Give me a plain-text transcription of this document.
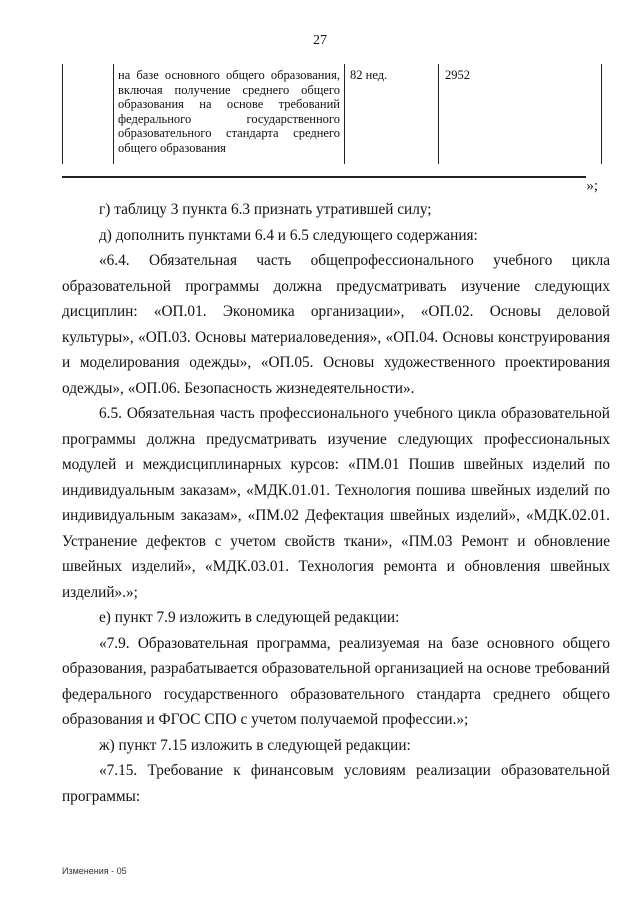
27
	на базе основного общего образования, включая получение среднего общего образования на основе требований федерального государственного образовательного стандарта среднего общего образования	82 нед.	2952
»;

г) таблицу 3 пункта 6.3 признать утратившей силу;

д) дополнить пунктами 6.4 и 6.5 следующего содержания:

«6.4. Обязательная часть общепрофессионального учебного цикла образовательной программы должна предусматривать изучение следующих дисциплин: «ОП.01. Экономика организации», «ОП.02. Основы деловой культуры», «ОП.03. Основы материаловедения», «ОП.04. Основы конструирования и моделирования одежды», «ОП.05. Основы художественного проектирования одежды», «ОП.06. Безопасность жизнедеятельности».

6.5. Обязательная часть профессионального учебного цикла образовательной программы должна предусматривать изучение следующих профессиональных модулей и междисциплинарных курсов: «ПМ.01 Пошив швейных изделий по индивидуальным заказам», «МДК.01.01. Технология пошива швейных изделий по индивидуальным заказам», «ПМ.02 Дефектация швейных изделий», «МДК.02.01. Устранение дефектов с учетом свойств ткани», «ПМ.03 Ремонт и обновление швейных изделий», «МДК.03.01. Технология ремонта и обновления швейных изделий».»;

е) пункт 7.9 изложить в следующей редакции:

«7.9. Образовательная программа, реализуемая на базе основного общего образования, разрабатывается образовательной организацией на основе требований федерального государственного образовательного стандарта среднего общего образования и ФГОС СПО с учетом получаемой профессии.»;

ж) пункт 7.15 изложить в следующей редакции:

«7.15. Требование к финансовым условиям реализации образовательной программы:

Изменения - 05
